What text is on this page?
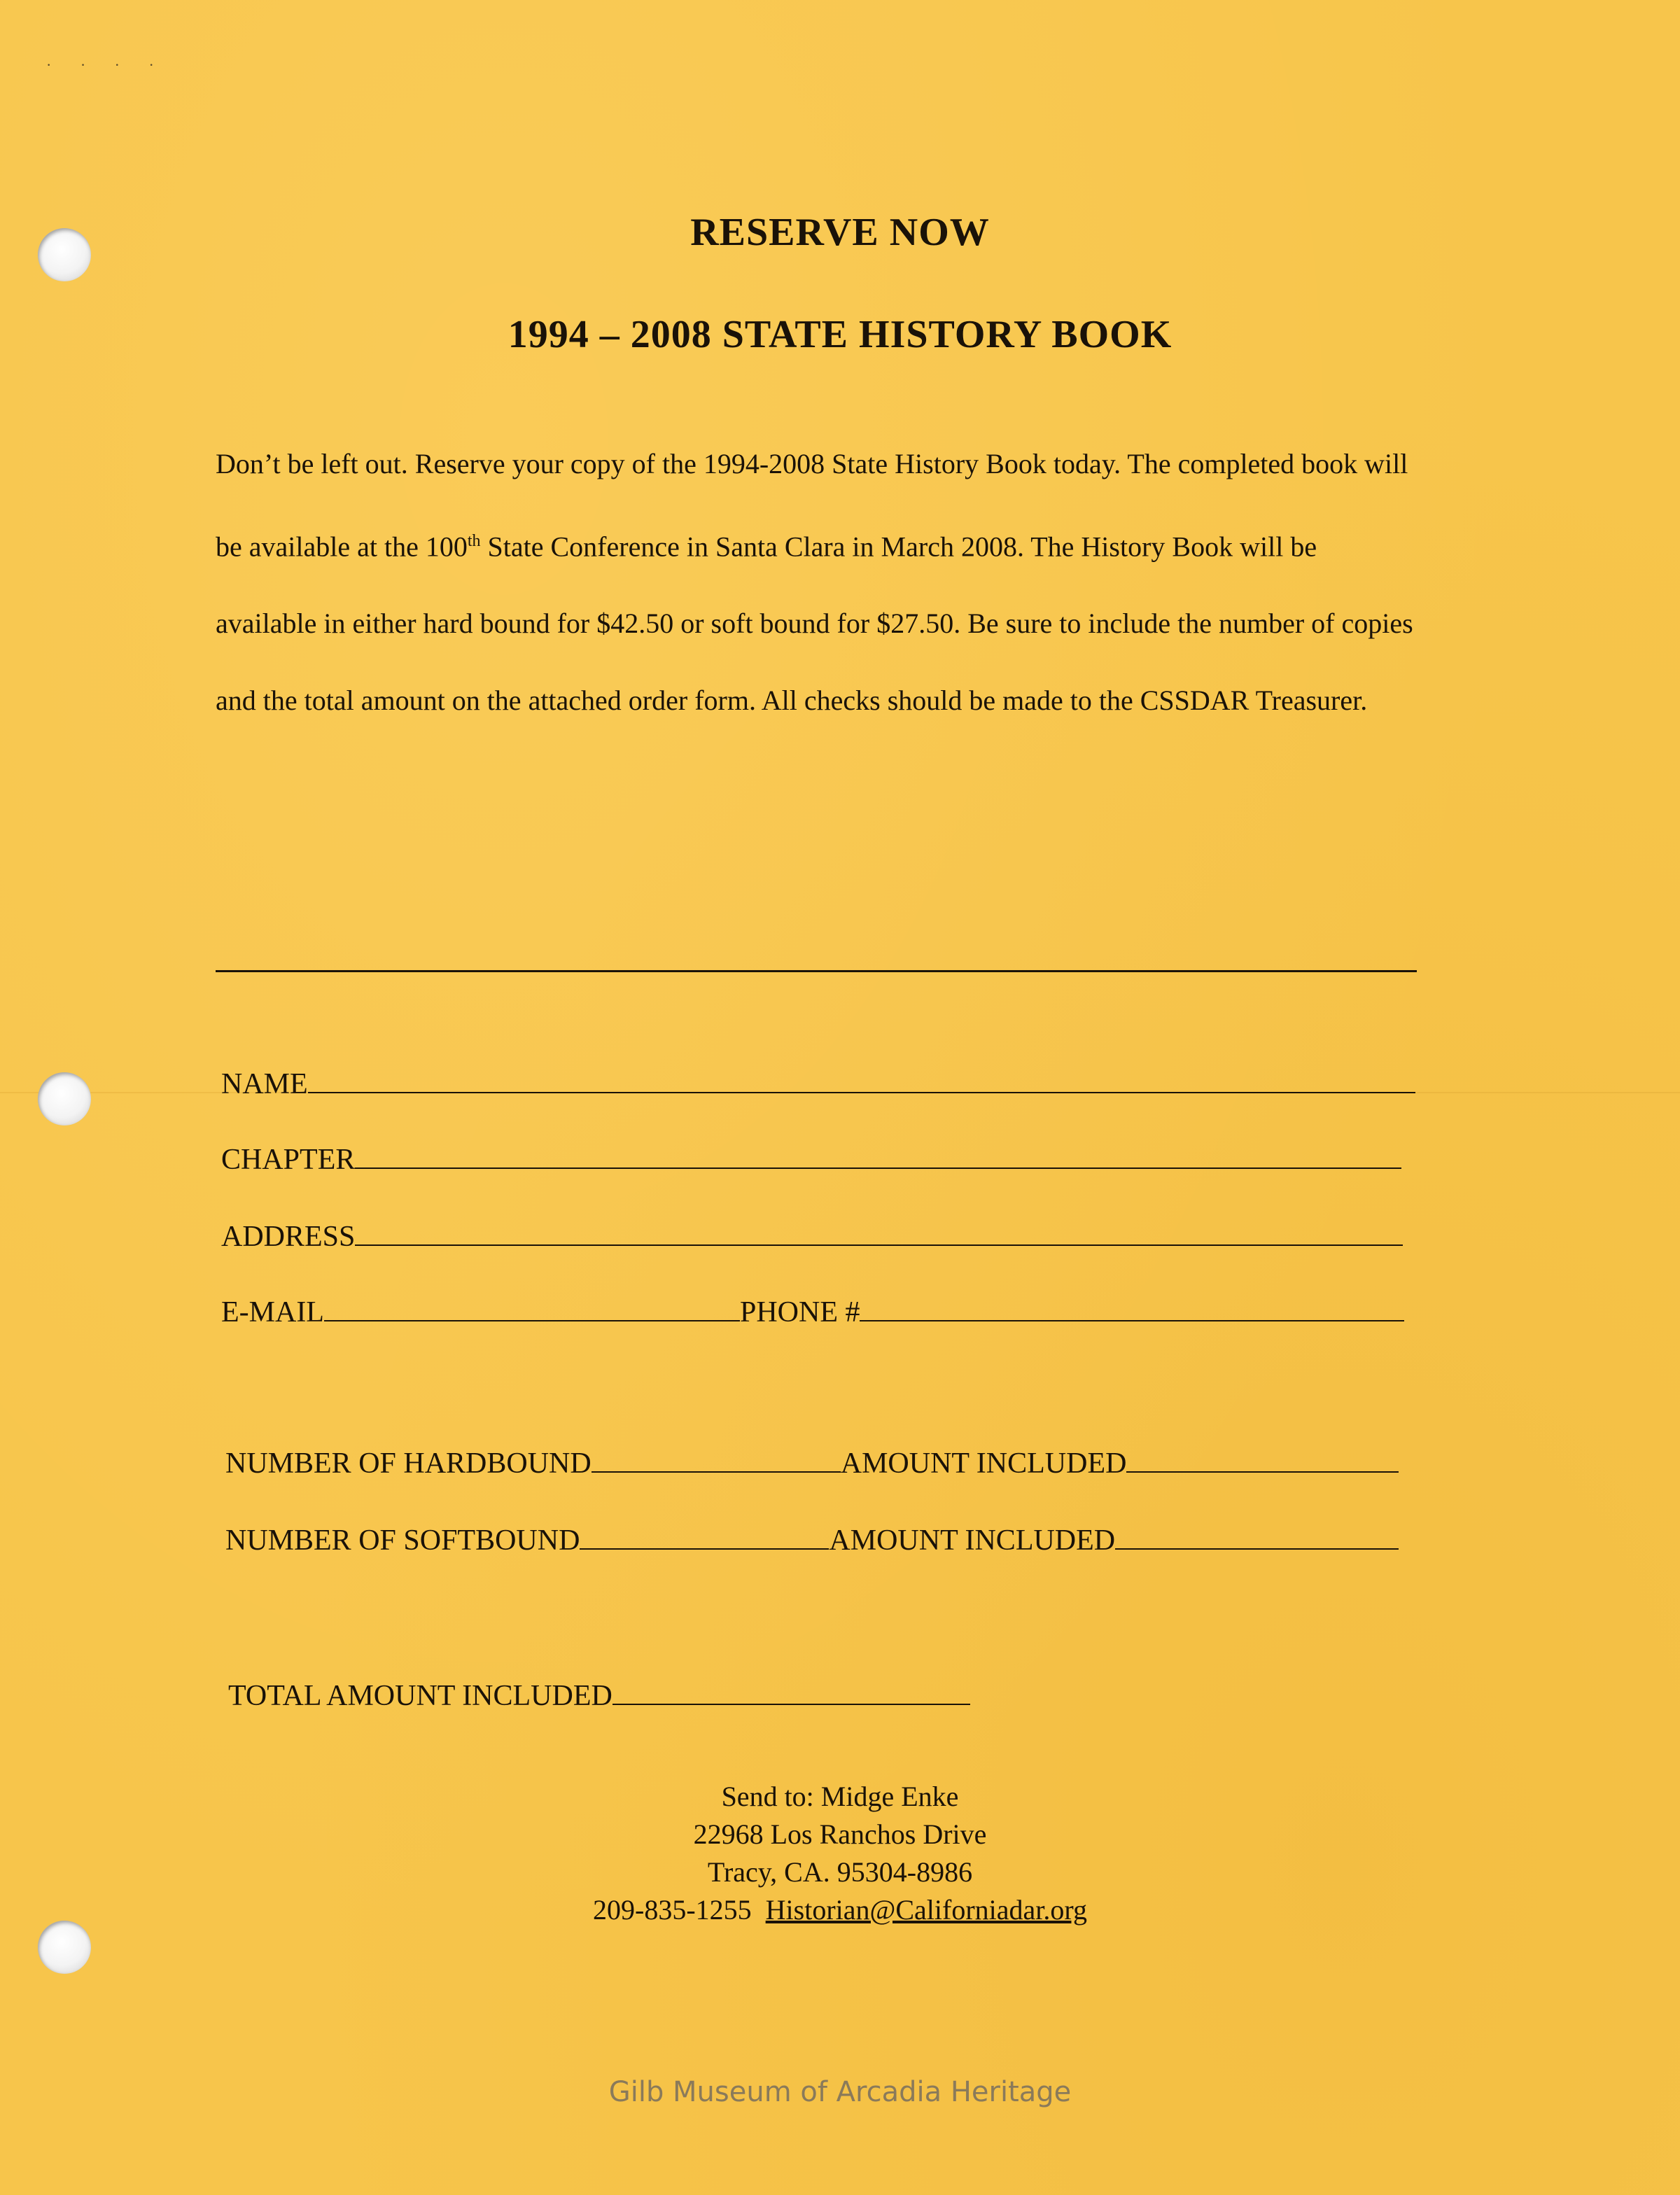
· · · ·
RESERVE NOW
1994 – 2008 STATE HISTORY BOOK

Don’t be left out. Reserve your copy of the 1994-2008 State History Book today. The completed book will be available at the 100th State Conference in Santa Clara in March 2008. The History Book will be available in either hard bound for $42.50 or soft bound for $27.50. Be sure to include the number of copies and the total amount on the attached order form. All checks should be made to the CSSDAR Treasurer.

NAME
CHAPTER
ADDRESS
E-MAIL	PHONE #
NUMBER OF HARDBOUND	AMOUNT INCLUDED
NUMBER OF SOFTBOUND	AMOUNT INCLUDED
TOTAL AMOUNT INCLUDED
Send to: Midge Enke
22968 Los Ranchos Drive
Tracy, CA. 95304-8986
209-835-1255 Historian@Californiadar.org
Gilb Museum of Arcadia Heritage
